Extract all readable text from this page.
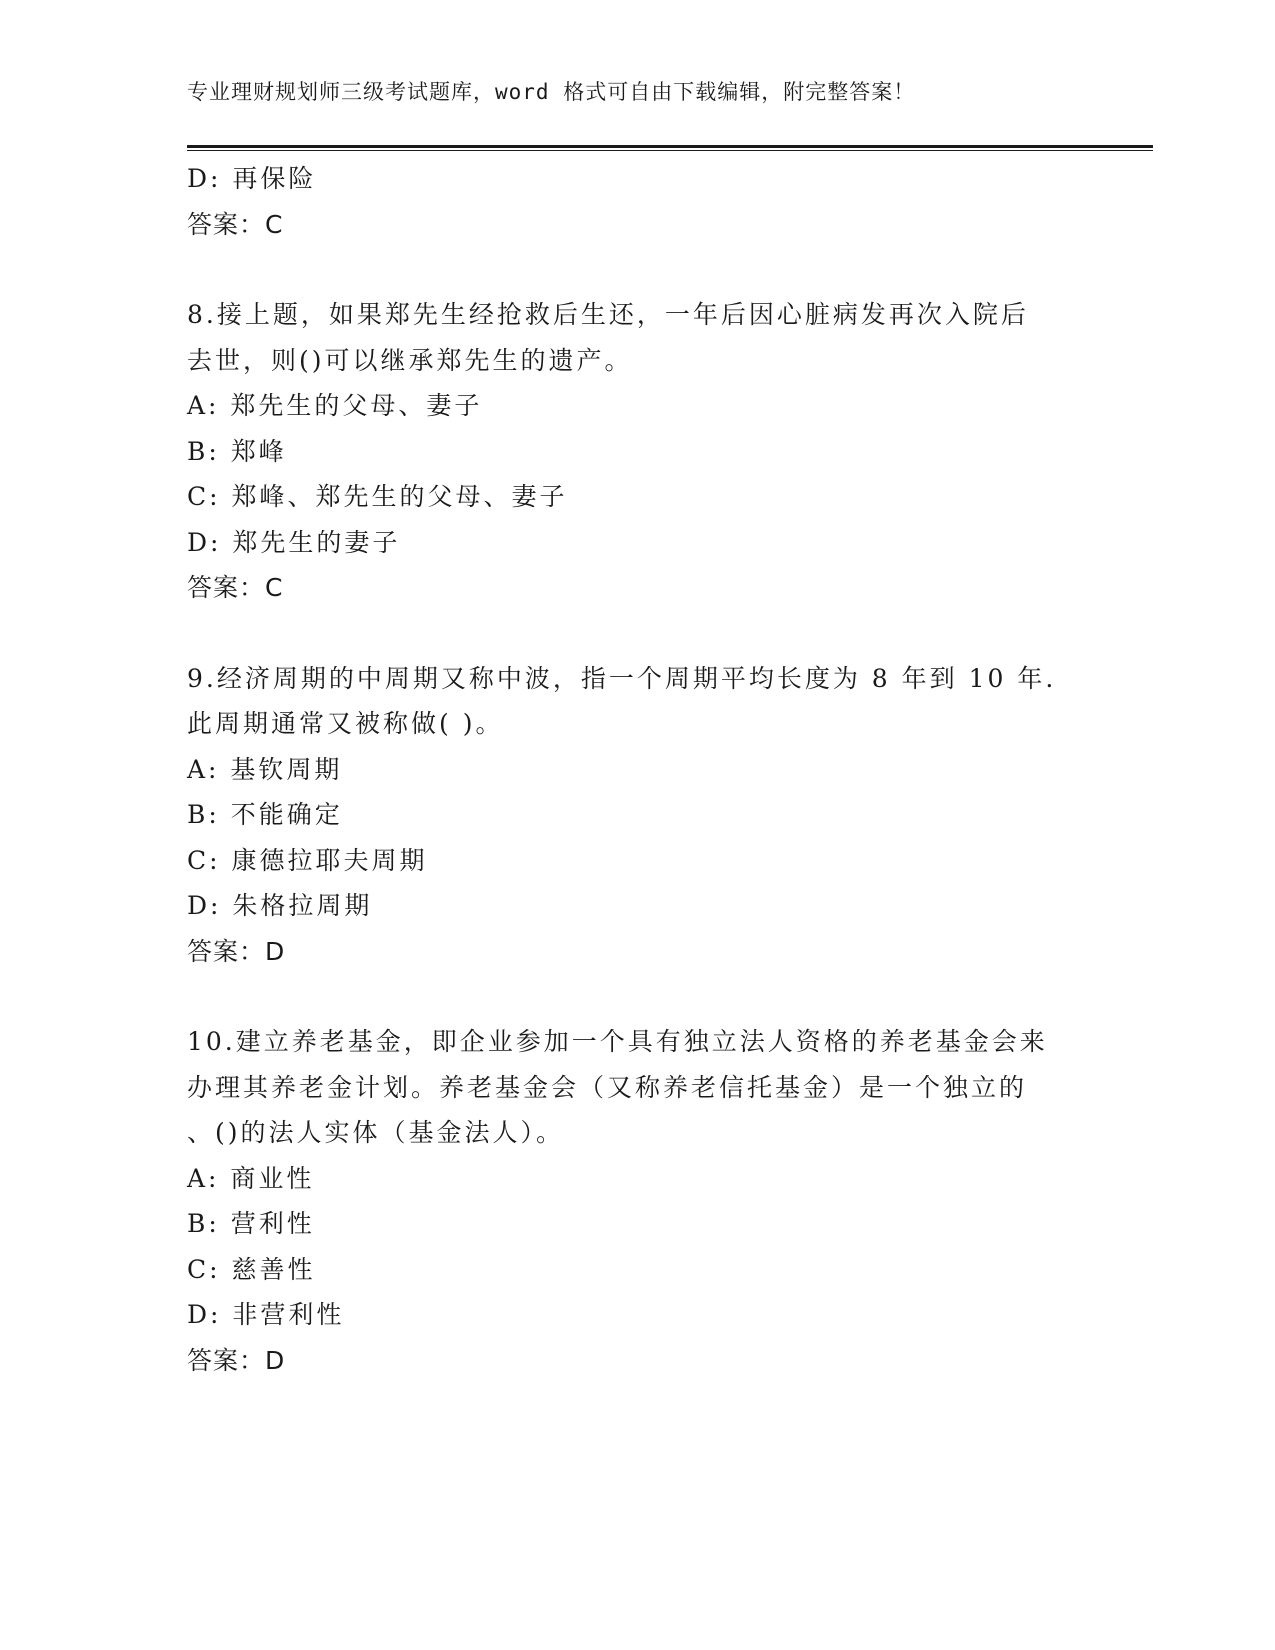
专业理财规划师三级考试题库，word 格式可自由下载编辑，附完整答案！
D: 再保险
答案：C
8.接上题，如果郑先生经抢救后生还，一年后因心脏病发再次入院后
去世，则()可以继承郑先生的遗产。
A: 郑先生的父母、妻子
B: 郑峰
C: 郑峰、郑先生的父母、妻子
D: 郑先生的妻子
答案：C
9.经济周期的中周期又称中波，指一个周期平均长度为 8 年到 10 年.
此周期通常又被称做( )。
A: 基钦周期
B: 不能确定
C: 康德拉耶夫周期
D: 朱格拉周期
答案：D
10.建立养老基金，即企业参加一个具有独立法人资格的养老基金会来
办理其养老金计划。养老基金会（又称养老信托基金）是一个独立的
、()的法人实体（基金法人）。
A: 商业性
B: 营利性
C: 慈善性
D: 非营利性
答案：D
